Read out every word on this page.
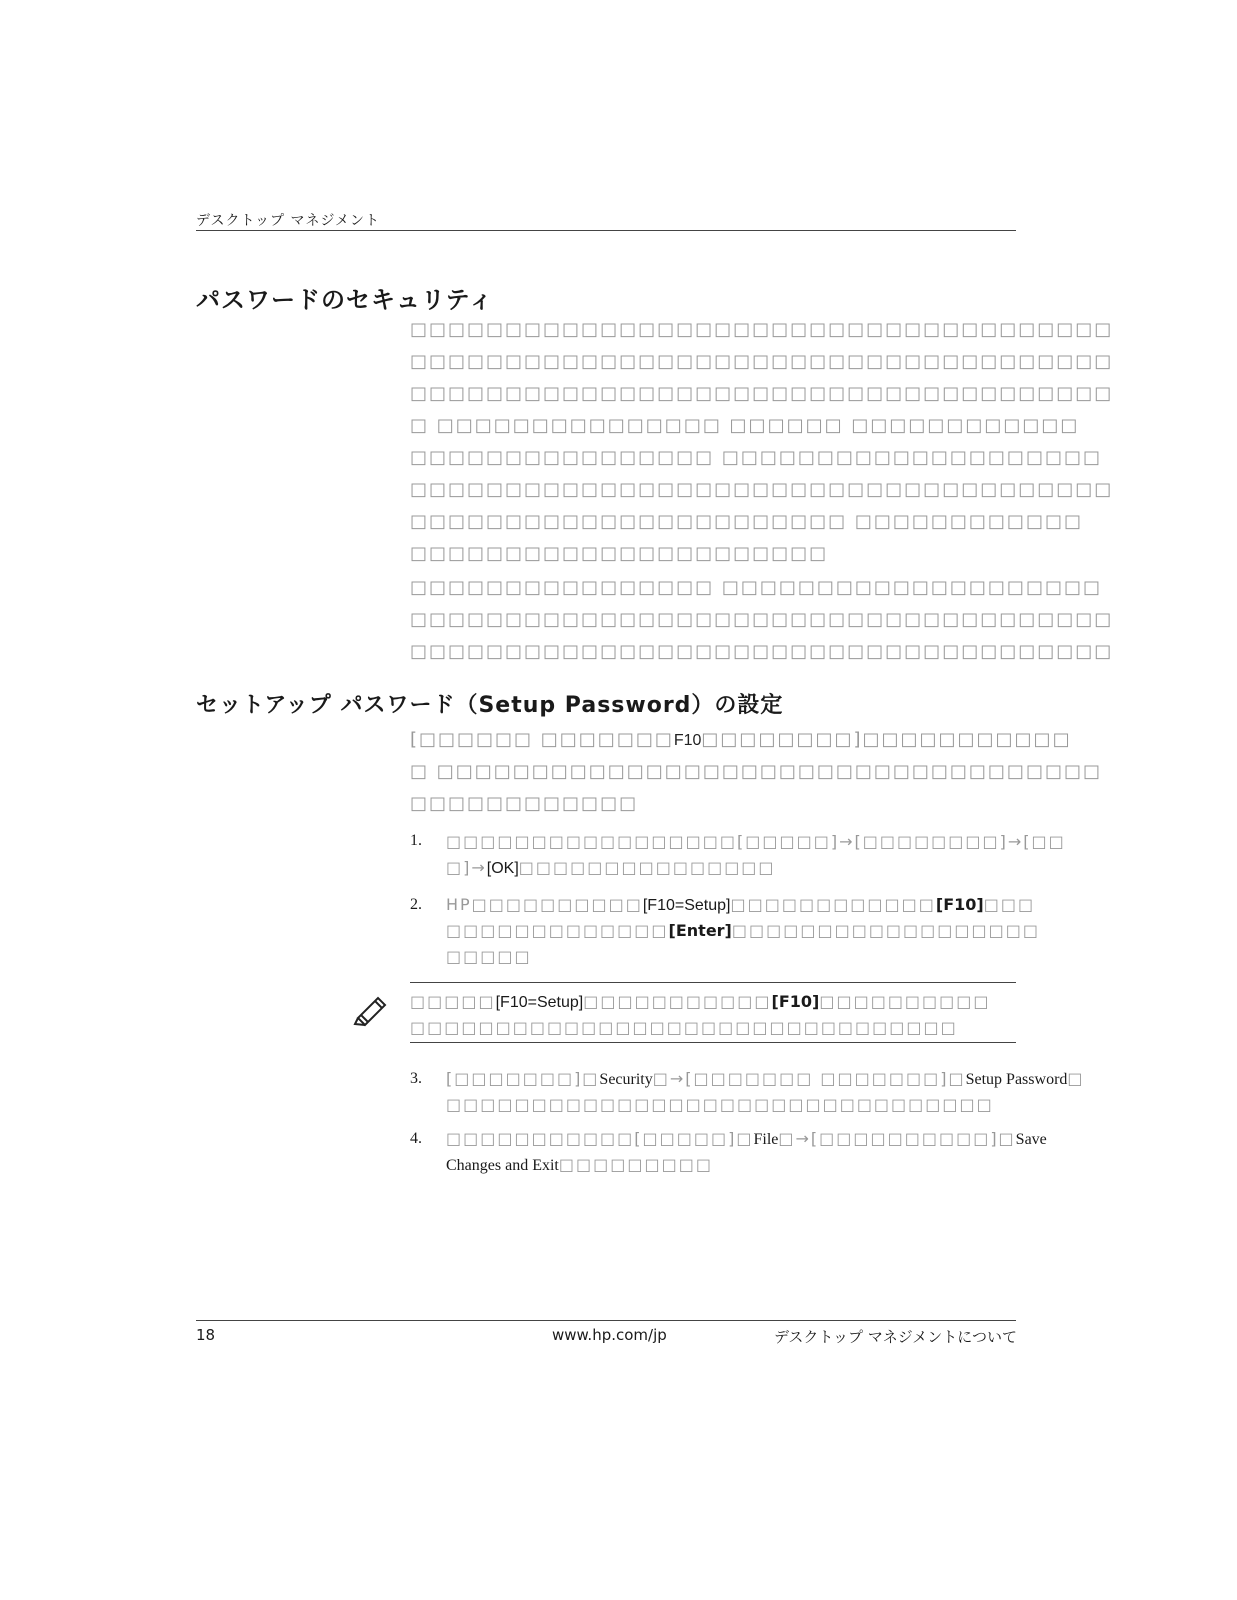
デスクトップ マネジメント
パスワードのセキュリティ
□□□□□□□□□□□□□□□□□□□□□□□□□□□□□□□□□□□□□
□□□□□□□□□□□□□□□□□□□□□□□□□□□□□□□□□□□□□
□□□□□□□□□□□□□□□□□□□□□□□□□□□□□□□□□□□□□
□ □□□□□□□□□□□□□□□ □□□□□□ □□□□□□□□□□□□
□□□□□□□□□□□□□□□□ □□□□□□□□□□□□□□□□□□□□
□□□□□□□□□□□□□□□□□□□□□□□□□□□□□□□□□□□□□
□□□□□□□□□□□□□□□□□□□□□□□ □□□□□□□□□□□□
□□□□□□□□□□□□□□□□□□□□□□
□□□□□□□□□□□□□□□□ □□□□□□□□□□□□□□□□□□□□
□□□□□□□□□□□□□□□□□□□□□□□□□□□□□□□□□□□□□
□□□□□□□□□□□□□□□□□□□□□□□□□□□□□□□□□□□□□
セットアップ パスワード（Setup Password）の設定
[□□□□□□ □□□□□□□F10□□□□□□□□]□□□□□□□□□□□
□ □□□□□□□□□□□□□□□□□□□□□□□□□□□□□□□□□□□
□□□□□□□□□□□□
1. □□□□□□□□□□□□□□□□□[□□□□□]→[□□□□□□□□]→[□□
□]→[OK]□□□□□□□□□□□□□□□
2. HP□□□□□□□□□□[F10=Setup]□□□□□□□□□□□□[F10]□□□
□□□□□□□□□□□□□[Enter]□□□□□□□□□□□□□□□□□□
□□□□□
□□□□□[F10=Setup]□□□□□□□□□□□[F10]□□□□□□□□□□
□□□□□□□□□□□□□□□□□□□□□□□□□□□□□□□□
3. [□□□□□□□]□Security□→[□□□□□□□ □□□□□□□]□Setup Password□
□□□□□□□□□□□□□□□□□□□□□□□□□□□□□□□□
4. □□□□□□□□□□□[□□□□□]□File□→[□□□□□□□□□□]□Save
Changes and Exit□□□□□□□□□
18	www.hp.com/jp	デスクトップ マネジメントについて
